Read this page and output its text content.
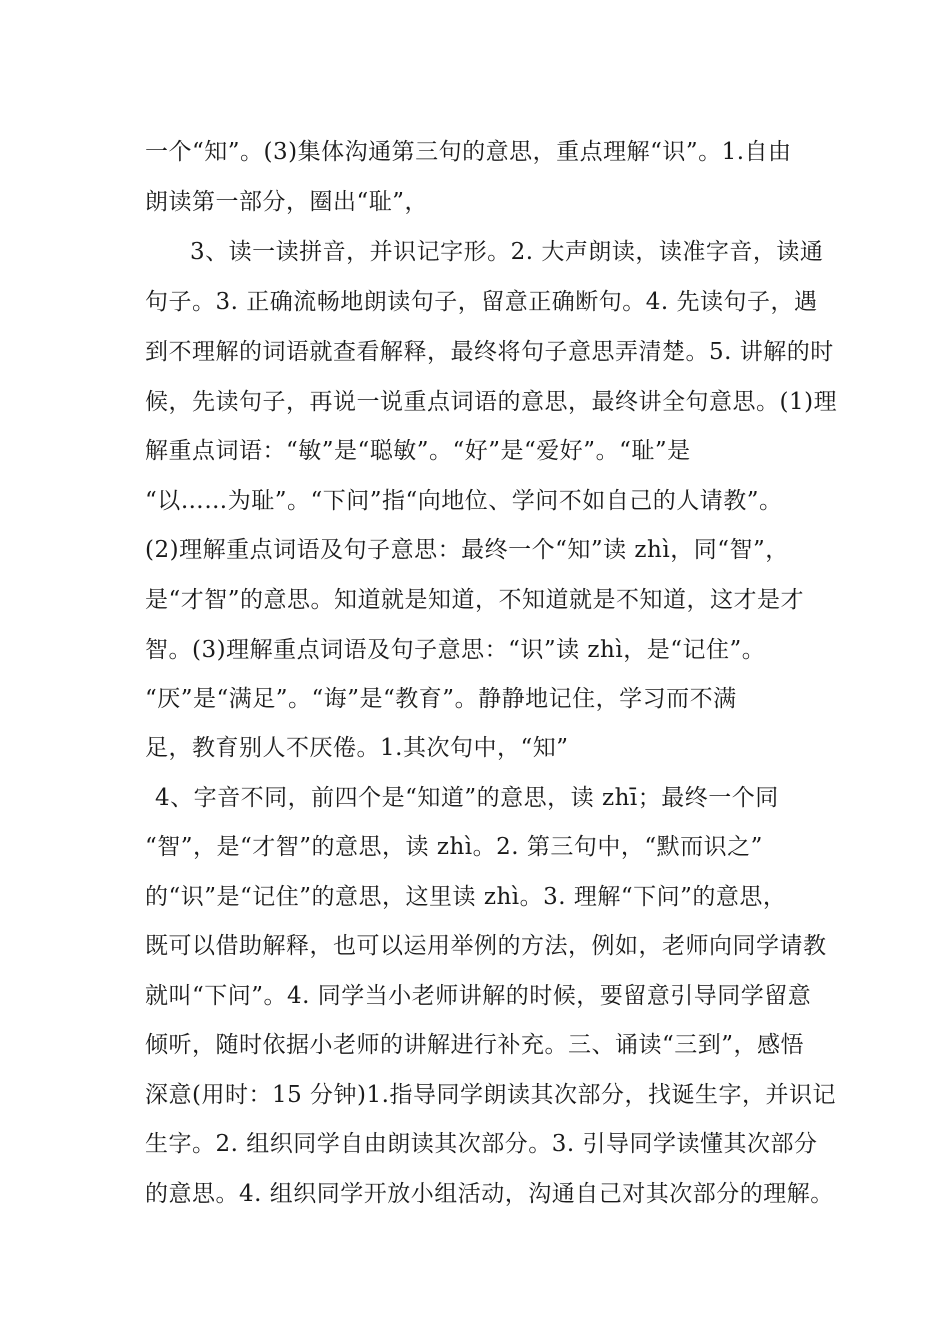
一个“知”。(3)集体沟通第三句的意思，重点理解“识”。1.自由
朗读第一部分，圈出“耻”，
3、读一读拼音，并识记字形。2. 大声朗读，读准字音，读通
句子。3. 正确流畅地朗读句子，留意正确断句。4. 先读句子，遇
到不理解的词语就查看解释，最终将句子意思弄清楚。5. 讲解的时
候，先读句子，再说一说重点词语的意思，最终讲全句意思。(1)理
解重点词语：“敏”是“聪敏”。“好”是“爱好”。“耻”是
“以……为耻”。“下问”指“向地位、学问不如自己的人请教”。
(2)理解重点词语及句子意思：最终一个“知”读 zhì，同“智”，
是“才智”的意思。知道就是知道，不知道就是不知道，这才是才
智。(3)理解重点词语及句子意思：“识”读 zhì，是“记住”。
“厌”是“满足”。“诲”是“教育”。静静地记住，学习而不满
足，教育别人不厌倦。1.其次句中，“知”
4、字音不同，前四个是“知道”的意思，读 zhī；最终一个同
“智”，是“才智”的意思，读 zhì。2. 第三句中，“默而识之”
的“识”是“记住”的意思，这里读 zhì。3. 理解“下问”的意思，
既可以借助解释，也可以运用举例的方法，例如，老师向同学请教
就叫“下问”。4. 同学当小老师讲解的时候，要留意引导同学留意
倾听，随时依据小老师的讲解进行补充。三、诵读“三到”，感悟
深意(用时：15 分钟)1.指导同学朗读其次部分，找诞生字，并识记
生字。2. 组织同学自由朗读其次部分。3. 引导同学读懂其次部分
的意思。4. 组织同学开放小组活动，沟通自己对其次部分的理解。
